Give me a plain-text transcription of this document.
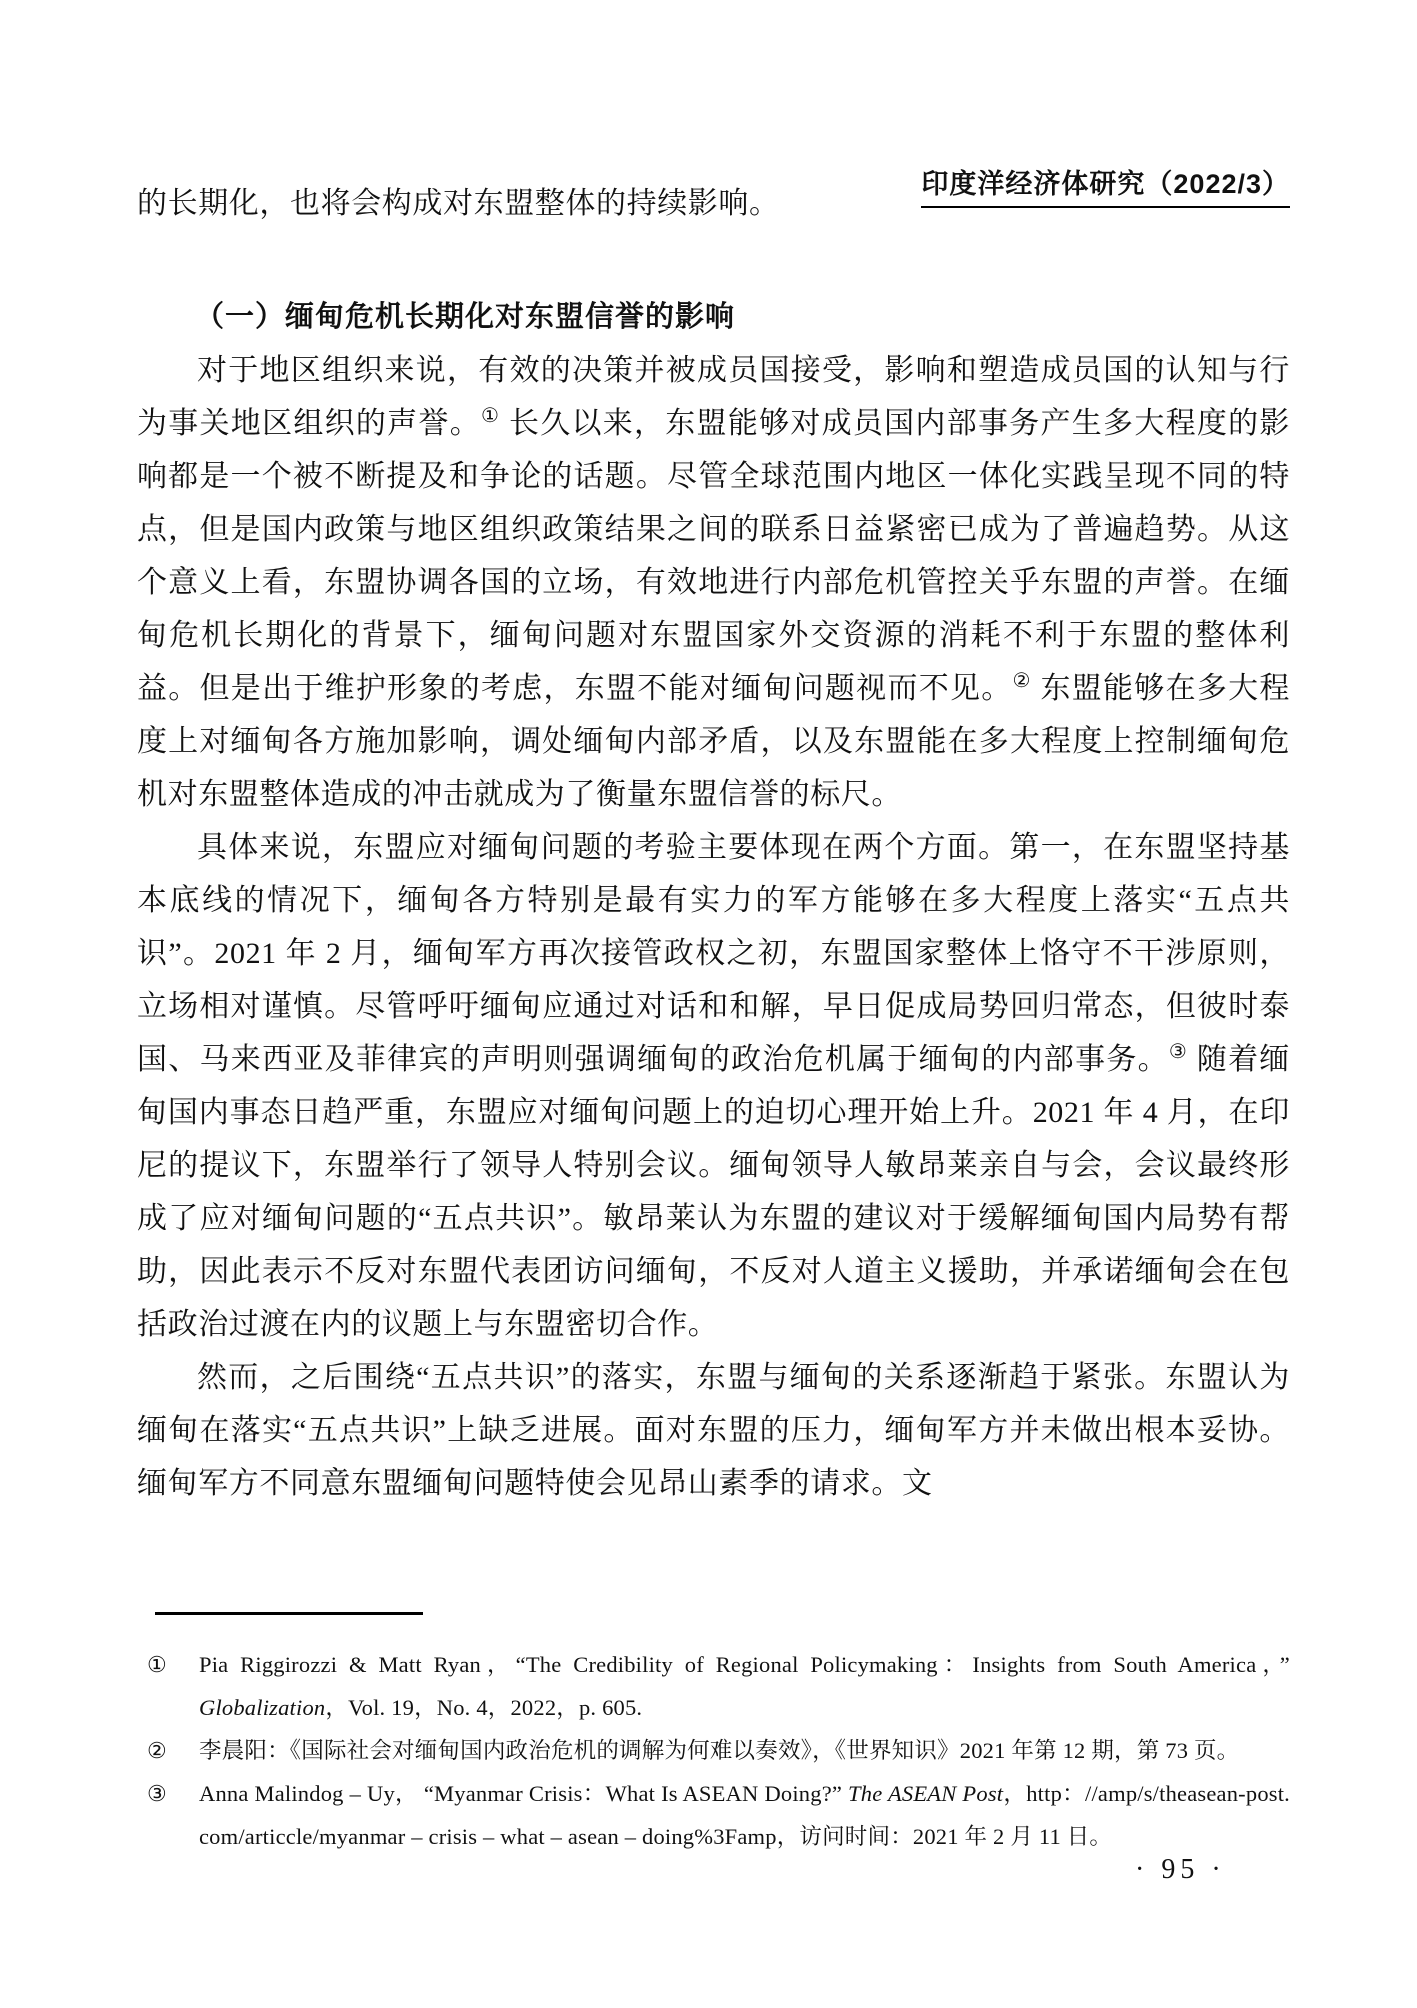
印度洋经济体研究（2022/3）

的长期化，也将会构成对东盟整体的持续影响。

（一）缅甸危机长期化对东盟信誉的影响

对于地区组织来说，有效的决策并被成员国接受，影响和塑造成员国的认知与行为事关地区组织的声誉。① 长久以来，东盟能够对成员国内部事务产生多大程度的影响都是一个被不断提及和争论的话题。尽管全球范围内地区一体化实践呈现不同的特点，但是国内政策与地区组织政策结果之间的联系日益紧密已成为了普遍趋势。从这个意义上看，东盟协调各国的立场，有效地进行内部危机管控关乎东盟的声誉。在缅甸危机长期化的背景下，缅甸问题对东盟国家外交资源的消耗不利于东盟的整体利益。但是出于维护形象的考虑，东盟不能对缅甸问题视而不见。② 东盟能够在多大程度上对缅甸各方施加影响，调处缅甸内部矛盾，以及东盟能在多大程度上控制缅甸危机对东盟整体造成的冲击就成为了衡量东盟信誉的标尺。

具体来说，东盟应对缅甸问题的考验主要体现在两个方面。第一，在东盟坚持基本底线的情况下，缅甸各方特别是最有实力的军方能够在多大程度上落实“五点共识”。2021 年 2 月，缅甸军方再次接管政权之初，东盟国家整体上恪守不干涉原则，立场相对谨慎。尽管呼吁缅甸应通过对话和和解，早日促成局势回归常态，但彼时泰国、马来西亚及菲律宾的声明则强调缅甸的政治危机属于缅甸的内部事务。③ 随着缅甸国内事态日趋严重，东盟应对缅甸问题上的迫切心理开始上升。2021 年 4 月，在印尼的提议下，东盟举行了领导人特别会议。缅甸领导人敏昂莱亲自与会，会议最终形成了应对缅甸问题的“五点共识”。敏昂莱认为东盟的建议对于缓解缅甸国内局势有帮助，因此表示不反对东盟代表团访问缅甸，不反对人道主义援助，并承诺缅甸会在包括政治过渡在内的议题上与东盟密切合作。

然而，之后围绕“五点共识”的落实，东盟与缅甸的关系逐渐趋于紧张。东盟认为缅甸在落实“五点共识”上缺乏进展。面对东盟的压力，缅甸军方并未做出根本妥协。缅甸军方不同意东盟缅甸问题特使会见昂山素季的请求。文

①	Pia Riggirozzi & Matt Ryan，“The Credibility of Regional Policymaking：Insights from South America，” Globalization，Vol. 19，No. 4，2022，p. 605.
②	李晨阳：《国际社会对缅甸国内政治危机的调解为何难以奏效》，《世界知识》2021 年第 12 期，第 73 页。
③	Anna Malindog – Uy， “Myanmar Crisis：What Is ASEAN Doing?” The ASEAN Post，http：//amp/s/theasean-post. com/articcle/myanmar – crisis – what – asean – doing%3Famp，访问时间：2021 年 2 月 11 日。
· 95 ·
